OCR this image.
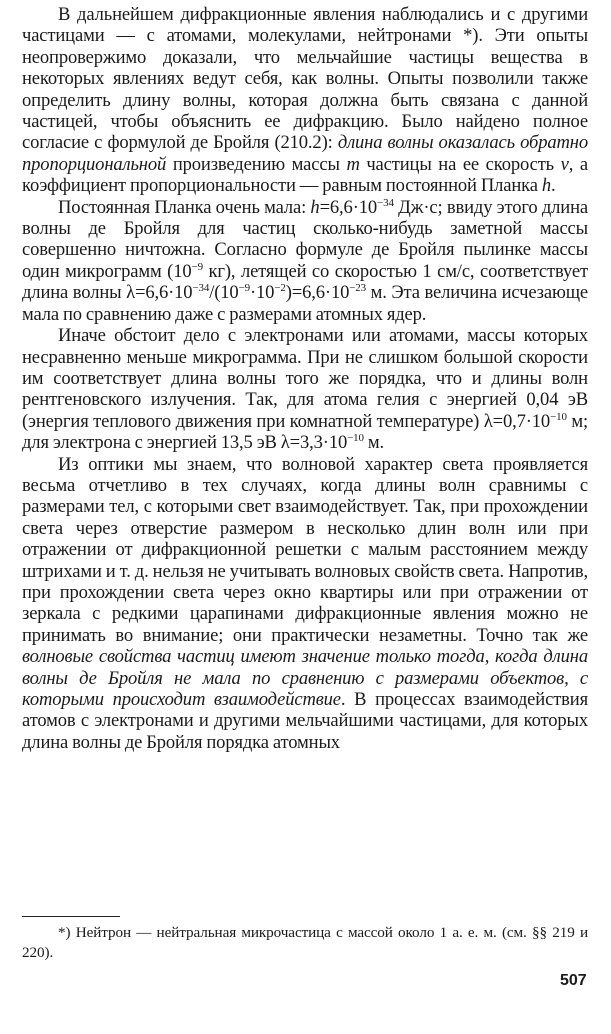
В дальнейшем дифракционные явления наблюдались и с другими частицами — с атомами, молекулами, нейтронами *). Эти опыты неопровержимо доказали, что мельчайшие частицы вещества в некоторых явлениях ведут себя, как волны. Опыты позволили также определить длину волны, которая должна быть связана с данной частицей, чтобы объяснить ее дифракцию. Было найдено полное согласие с формулой де Бройля (210.2): длина волны оказалась обратно пропорциональной произведению массы m частицы на ее скорость v, а коэффициент пропорциональности — равным постоянной Планка h.

Постоянная Планка очень мала: $h=6,6\cdot 10^{-34}$ Дж·с; ввиду этого длина волны де Бройля для частиц сколько-нибудь заметной массы совершенно ничтожна. Согласно формуле де Бройля пылинке массы один микрограмм ($10^{-9}$ кг), летящей со скоростью 1 см/с, соответствует длина волны $\lambda=6,6\cdot 10^{-34}/(10^{-9}\cdot 10^{-2})=6,6\cdot 10^{-23}$ м. Эта величина исчезающе мала по сравнению даже с размерами атомных ядер.

Иначе обстоит дело с электронами или атомами, массы которых несравненно меньше микрограмма. При не слишком большой скорости им соответствует длина волны того же порядка, что и длины волн рентгеновского излучения. Так, для атома гелия с энергией 0,04 эВ (энергия теплового движения при комнатной температуре) $\lambda=0,7\cdot 10^{-10}$ м; для электрона с энергией 13,5 эВ $\lambda=3,3\cdot 10^{-10}$ м.

Из оптики мы знаем, что волновой характер света проявляется весьма отчетливо в тех случаях, когда длины волн сравнимы с размерами тел, с которыми свет взаимодействует. Так, при прохождении света через отверстие размером в несколько длин волн или при отражении от дифракционной решетки с малым расстоянием между штрихами и т. д. нельзя не учитывать волновых свойств света. Напротив, при прохождении света через окно квартиры или при отражении от зеркала с редкими царапинами дифракционные явления можно не принимать во внимание; они практически незаметны. Точно так же волновые свойства частиц имеют значение только тогда, когда длина волны де Бройля не мала по сравнению с размерами объектов, с которыми происходит взаимодействие. В процессах взаимодействия атомов с электронами и другими мельчайшими частицами, для которых длина волны де Бройля порядка атомных

*) Нейтрон — нейтральная микрочастица с массой около 1 а. е. м. (см. §§ 219 и 220).
507
